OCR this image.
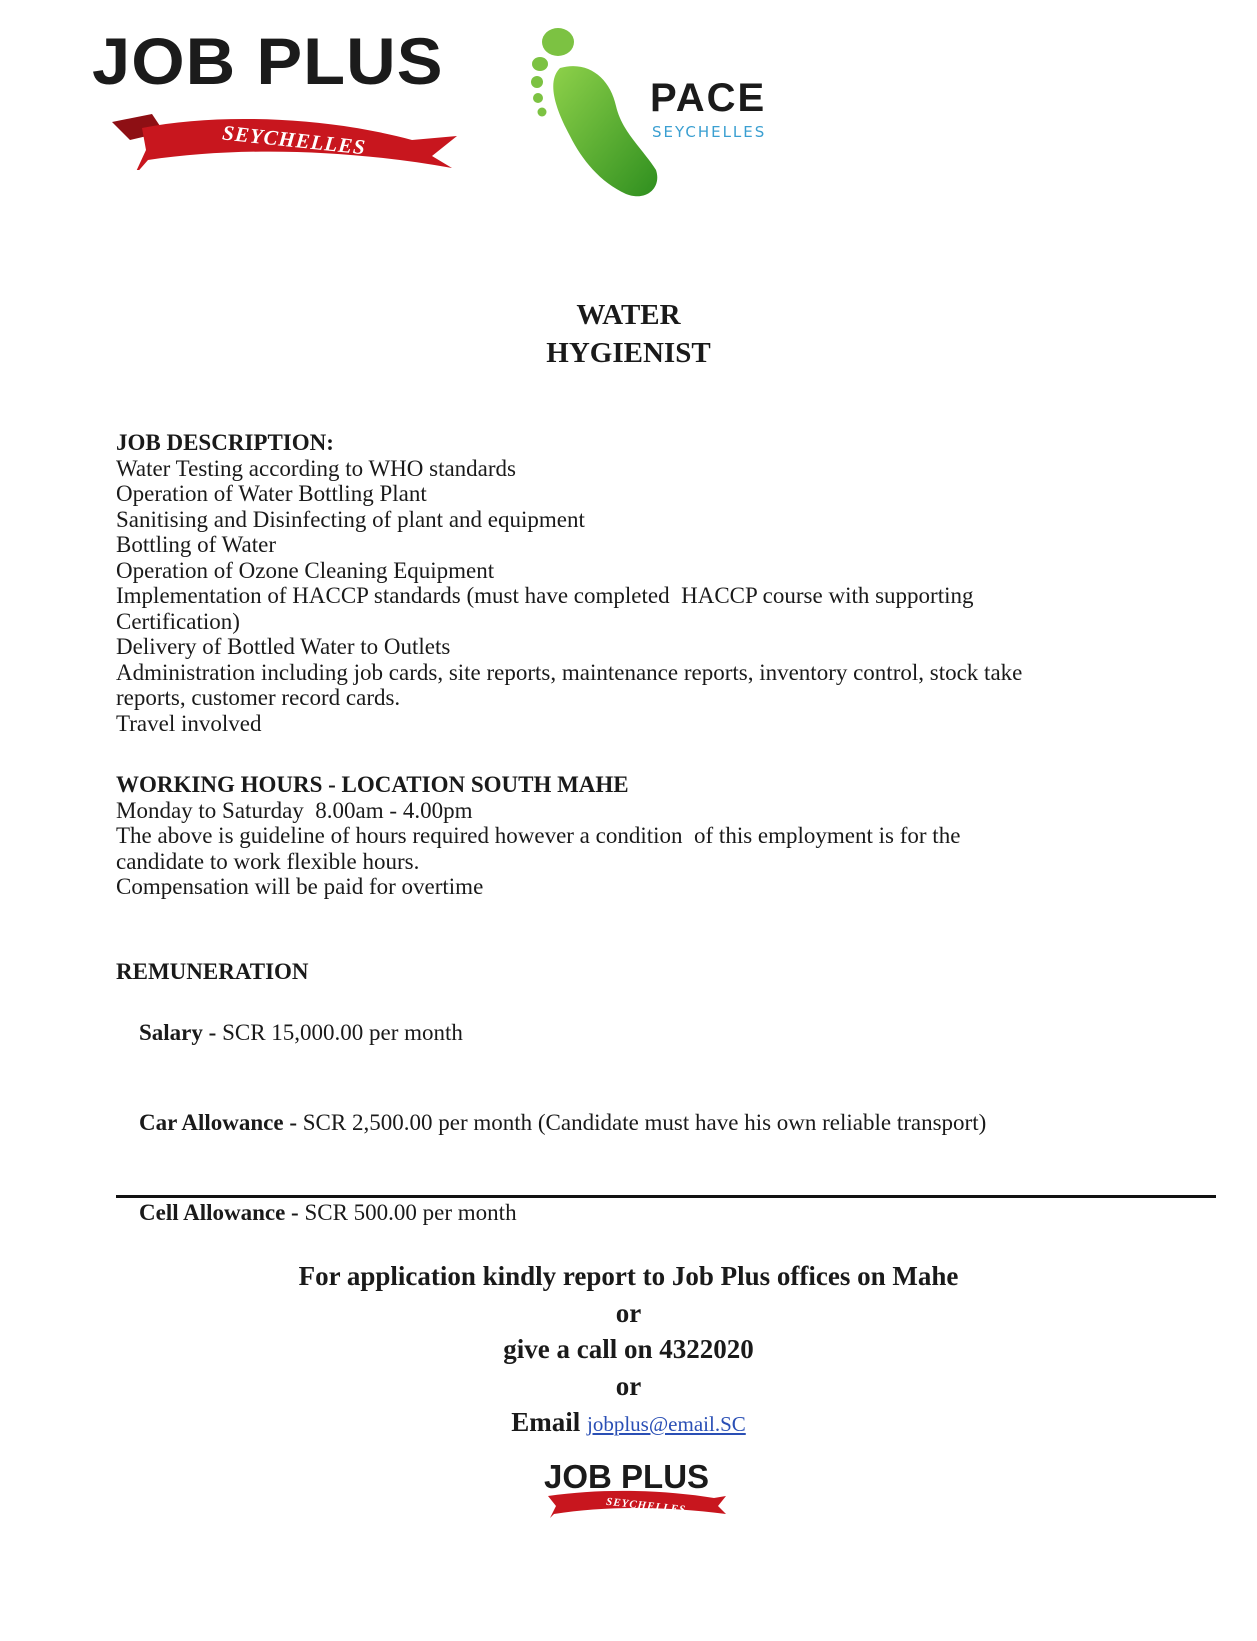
JOB PLUS
SEYCHELLES
PACE
SEYCHELLES
WATER
HYGIENIST
JOB DESCRIPTION:
Water Testing according to WHO standards
Operation of Water Bottling Plant
Sanitising and Disinfecting of plant and equipment
Bottling of Water
Operation of Ozone Cleaning Equipment
Implementation of HACCP standards (must have completed  HACCP course with supporting
Certification)
Delivery of Bottled Water to Outlets
Administration including job cards, site reports, maintenance reports, inventory control, stock take
reports, customer record cards.
Travel involved
WORKING HOURS - LOCATION SOUTH MAHE
Monday to Saturday  8.00am - 4.00pm
The above is guideline of hours required however a condition  of this employment is for the
candidate to work flexible hours.
Compensation will be paid for overtime
REMUNERATION

Salary - SCR 15,000.00 per month

Car Allowance - SCR 2,500.00 per month (Candidate must have his own reliable transport)

Cell Allowance - SCR 500.00 per month

For application kindly report to Job Plus offices on Mahe
or
give a call on 4322020
or
Email jobplus@email.SC
JOB PLUS
SEYCHELLES
